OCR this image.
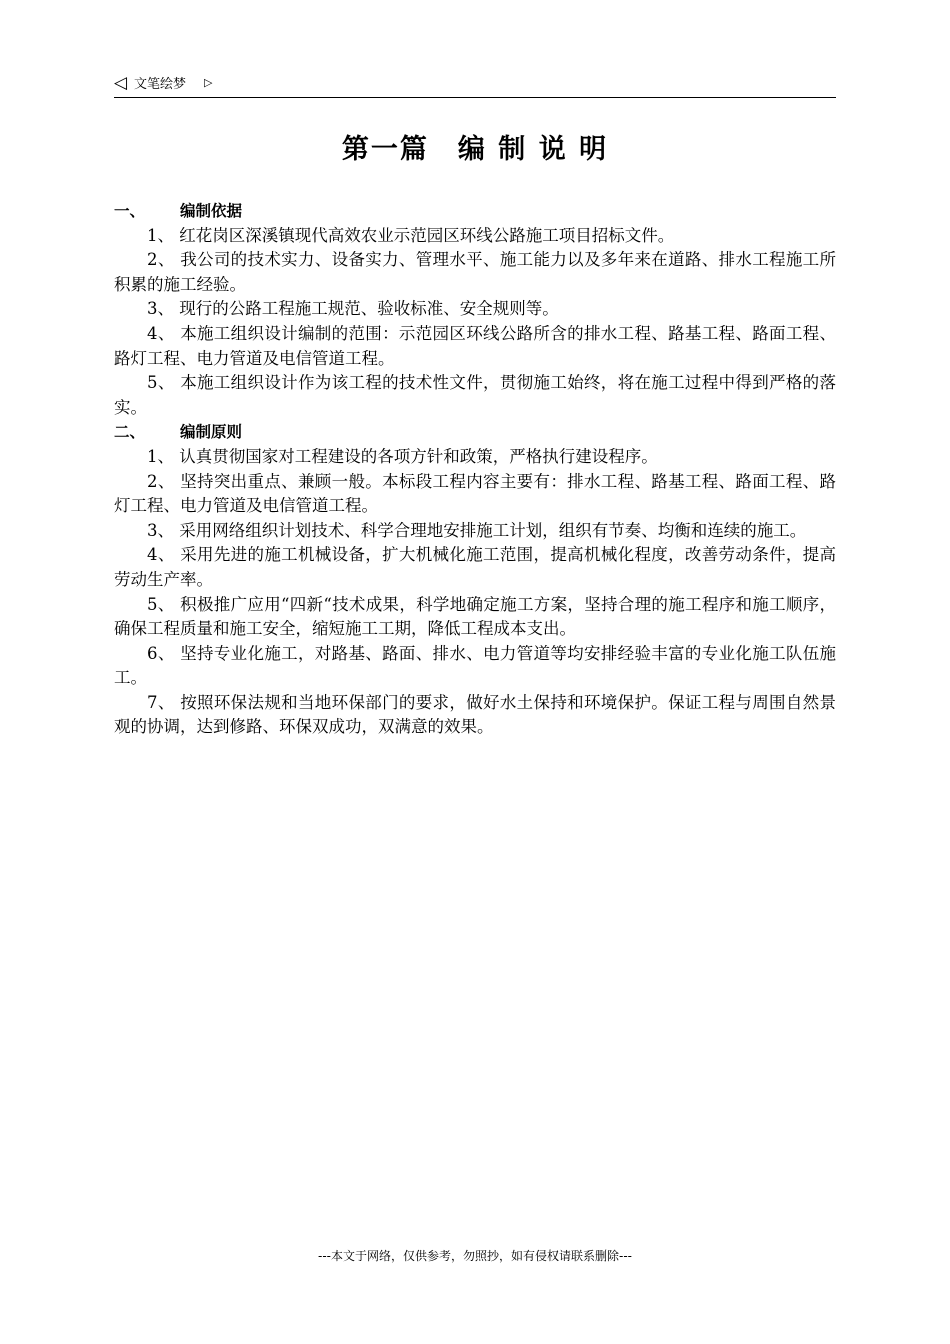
◁ 文笔绘梦 ▷
第一篇　编 制 说 明
一、 编制依据
1、 红花岗区深溪镇现代高效农业示范园区环线公路施工项目招标文件。
2、 我公司的技术实力、设备实力、管理水平、施工能力以及多年来在道路、排水工程施工所积累的施工经验。
3、 现行的公路工程施工规范、验收标准、安全规则等。
4、 本施工组织设计编制的范围：示范园区环线公路所含的排水工程、路基工程、路面工程、路灯工程、电力管道及电信管道工程。
5、 本施工组织设计作为该工程的技术性文件，贯彻施工始终，将在施工过程中得到严格的落实。
二、 编制原则
1、 认真贯彻国家对工程建设的各项方针和政策，严格执行建设程序。
2、 坚持突出重点、兼顾一般。本标段工程内容主要有：排水工程、路基工程、路面工程、路灯工程、电力管道及电信管道工程。
3、 采用网络组织计划技术、科学合理地安排施工计划，组织有节奏、均衡和连续的施工。
4、 采用先进的施工机械设备，扩大机械化施工范围，提高机械化程度，改善劳动条件，提高劳动生产率。
5、 积极推广应用“四新“技术成果，科学地确定施工方案，坚持合理的施工程序和施工顺序，确保工程质量和施工安全，缩短施工工期，降低工程成本支出。
6、 坚持专业化施工，对路基、路面、排水、电力管道等均安排经验丰富的专业化施工队伍施工。
7、 按照环保法规和当地环保部门的要求，做好水土保持和环境保护。保证工程与周围自然景观的协调，达到修路、环保双成功，双满意的效果。
---本文于网络，仅供参考，勿照抄，如有侵权请联系删除---
